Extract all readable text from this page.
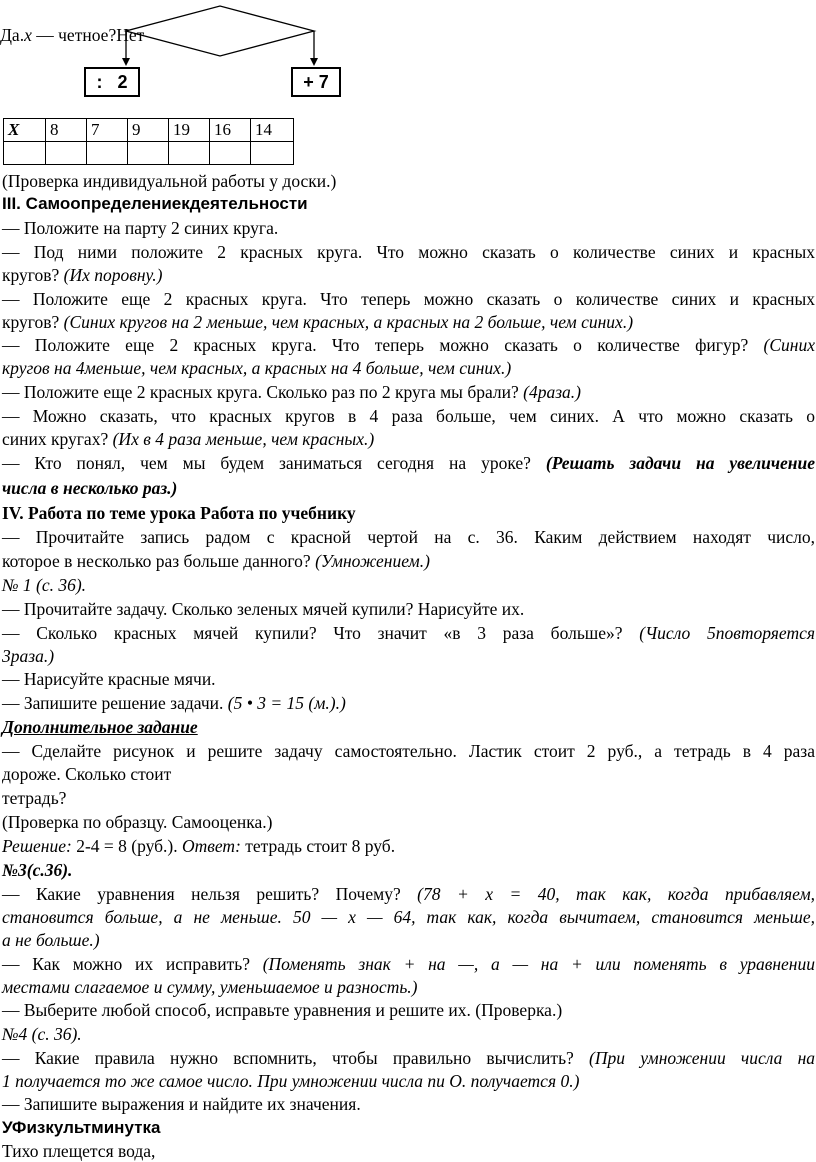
Да.x — четное?Нет
:   2	+ 7
X	8	7	9	19	16	14

(Проверка индивидуальной работы у доски.)
III. Самоопределениекдеятельности
— Положите на парту 2 синих круга.
— Под ними положите 2 красных круга. Что можно сказать о количестве синих и красных
кругов? (Их поровну.)
— Положите еще 2 красных круга. Что теперь можно сказать о количестве синих и красных
кругов? (Синих кругов на 2 меньше, чем красных, а красных на 2 больше, чем синих.)
— Положите еще 2 красных круга. Что теперь можно сказать о количестве фигур? (Синих
кругов на 4меньше, чем красных, а красных на 4 больше, чем синих.)
— Положите еще 2 красных круга. Сколько раз по 2 круга мы брали? (4раза.)
— Можно сказать, что красных кругов в 4 раза больше, чем синих. А что можно сказать о
синих кругах? (Их в 4 раза меньше, чем красных.)
— Кто понял, чем мы будем заниматься сегодня на уроке? (Решать задачи на увеличение
числа в несколько раз.)
IV. Работа по теме урока Работа по учебнику
— Прочитайте запись радом с красной чертой на с. 36. Каким действием находят число,
которое в несколько раз больше данного? (Умножением.)
№ 1 (с. 36).
— Прочитайте задачу. Сколько зеленых мячей купили? Нарисуйте их.
— Сколько красных мячей купили? Что значит «в 3 раза больше»? (Число 5повторяется
3раза.)
— Нарисуйте красные мячи.
— Запишите решение задачи. (5 • 3 = 15 (м.).)
Дополнительное задание
— Сделайте рисунок и решите задачу самостоятельно. Ластик стоит 2 руб., а тетрадь в 4 раза
дороже. Сколько стоит
тетрадь?
(Проверка по образцу. Самооценка.)
Решение: 2-4 = 8 (руб.). Ответ: тетрадь стоит 8 руб.
№3(с.36).
— Какие уравнения нельзя решить? Почему? (78 + х = 40, так как, когда прибавляем,
становится больше, а не меньше. 50 — х — 64, так как, когда вычитаем, становится меньше,
а не больше.)
— Как можно их исправить? (Поменять знак + на —, а — на + или поменять в уравнении
местами слагаемое и сумму, уменьшаемое и разность.)
— Выберите любой способ, исправьте уравнения и решите их. (Проверка.)
№4 (с. 36).
— Какие правила нужно вспомнить, чтобы правильно вычислить? (При умножении числа на
1 получается то же самое число. При умножении числа пи О. получается 0.)
— Запишите выражения и найдите их значения.
УФизкультминутка
Тихо плещется вода,
